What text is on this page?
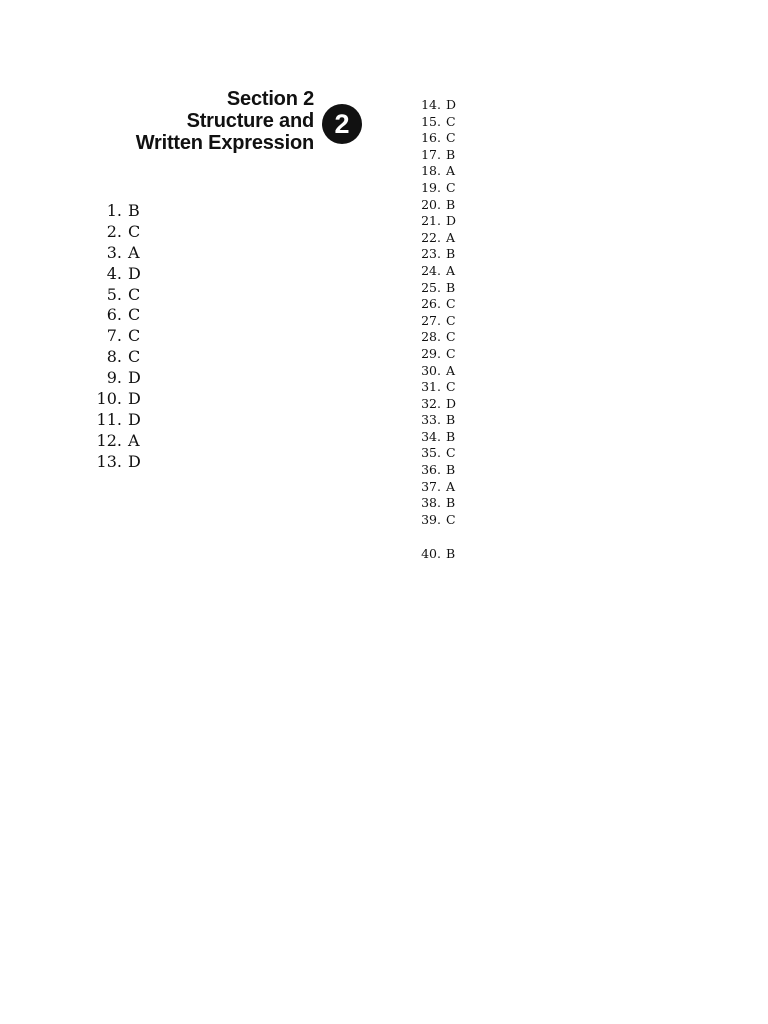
Section 2
Structure and
Written Expression
2
1. B
2. C
3. A
4. D
5. C
6. C
7. C
8. C
9. D
10. D
11. D
12. A
13. D
14. D
15. C
16. C
17. B
18. A
19. C
20. B
21. D
22. A
23. B
24. A
25. B
26. C
27. C
28. C
29. C
30. A
31. C
32. D
33. B
34. B
35. C
36. B
37. A
38. B
39. C
40. B
